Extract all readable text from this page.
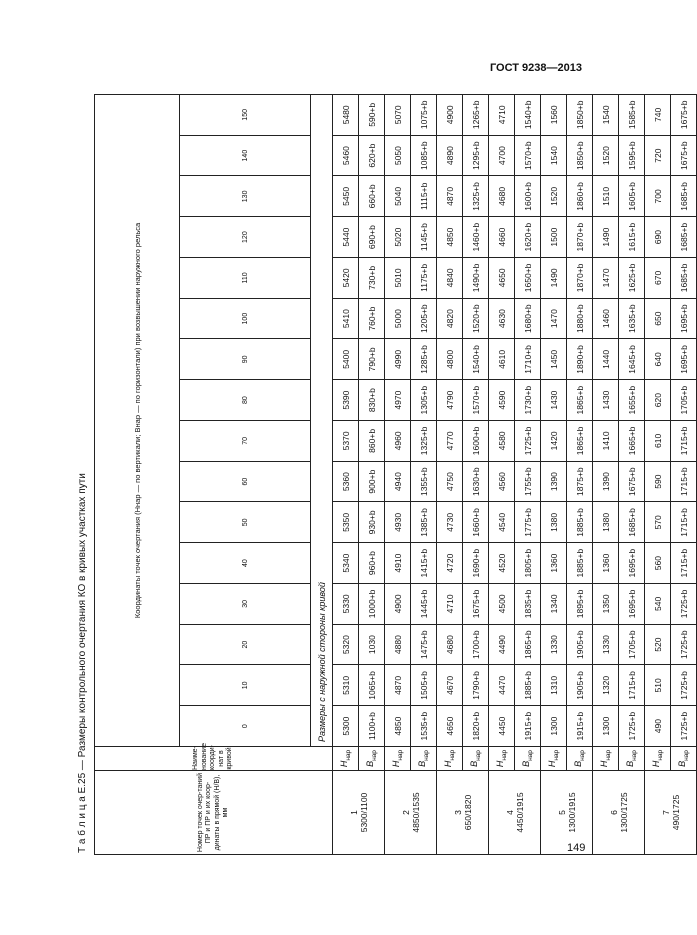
ГОСТ 9238—2013
Т а б л и ц а Е.25 — Размеры контрольного очертания КО в кривых участках пути	Номер точек очер-таний ПР и ПР и их коор-динаты в прямой (H/B), мм	Наиме-нование коорди-нат в кривой	Координаты точек очертания (Hнар — по вертикали; Bнар — по горизонтали) при возвышении наружного рельса															
		0	10	20	30	40	50	60	70	80	90	100	110	120	130	140	150
		Размеры с наружной стороны кривой															

1 5300/1100	$H_{нар}$	5300	5310	5320	5330	5340	5350	5360	5370	5390	5400	5410	5420	5440	5450	5460	5480
	$B_{нар}$	1100+b	1065+b	1030	1000+b	960+b	930+b	900+b	860+b	830+b	790+b	760+b	730+b	690+b	660+b	620+b	590+b

2 4850/1535	$H_{нар}$	4850	4870	4880	4900	4910	4930	4940	4960	4970	4990	5000	5010	5020	5040	5050	5070
	$B_{нар}$	1535+b	1505+b	1475+b	1445+b	1415+b	1385+b	1355+b	1325+b	1305+b	1285+b	1205+b	1175+b	1145+b	1115+b	1085+b	1075+b

3 650/1820	$H_{нар}$	4650	4670	4680	4710	4720	4730	4750	4770	4790	4800	4820	4840	4850	4870	4890	4900
	$B_{нар}$	1820+b	1790+b	1700+b	1675+b	1690+b	1660+b	1630+b	1600+b	1570+b	1540+b	1520+b	1490+b	1460+b	1325+b	1295+b	1265+b

4 4450/1915	$H_{нар}$	4450	4470	4490	4500	4520	4540	4560	4580	4590	4610	4630	4650	4660	4680	4700	4710
	$B_{нар}$	1915+b	1885+b	1865+b	1835+b	1805+b	1775+b	1755+b	1725+b	1730+b	1710+b	1680+b	1650+b	1620+b	1600+b	1570+b	1540+b

5 1300/1915	$H_{нар}$	1300	1310	1330	1340	1360	1380	1390	1420	1430	1450	1470	1490	1500	1520	1540	1560
	$B_{нар}$	1915+b	1905+b	1905+b	1895+b	1885+b	1885+b	1875+b	1865+b	1865+b	1890+b	1880+b	1870+b	1870+b	1860+b	1850+b	1850+b

6 1300/1725	$H_{нар}$	1300	1320	1330	1350	1360	1380	1390	1410	1430	1440	1460	1470	1490	1510	1520	1540
	$B_{нар}$	1725+b	1715+b	1705+b	1695+b	1695+b	1685+b	1675+b	1665+b	1655+b	1645+b	1635+b	1625+b	1615+b	1605+b	1595+b	1585+b

7 490/1725	$H_{нар}$	490	510	520	540	560	570	590	610	620	640	650	670	690	700	720	740
	$B_{нар}$	1725+b	1725+b	1725+b	1725+b	1715+b	1715+b	1715+b	1715+b	1705+b	1695+b	1695+b	1685+b	1685+b	1685+b	1675+b	1675+b
149
